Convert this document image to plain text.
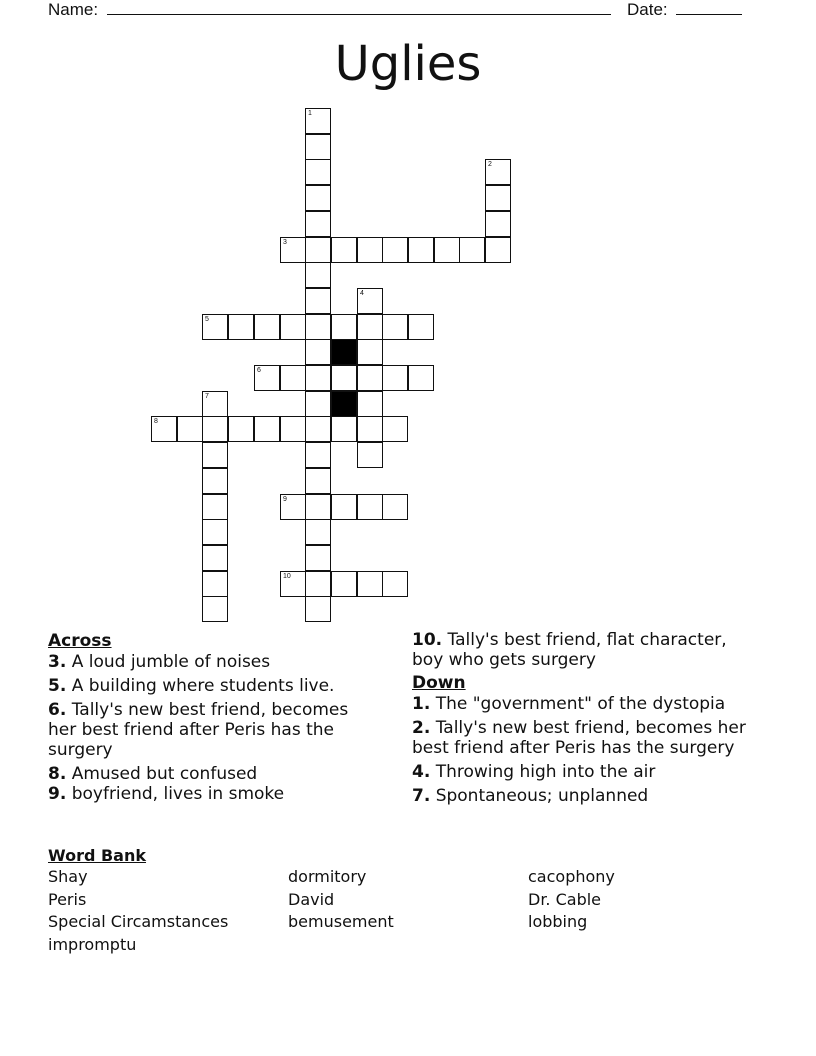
Name:	Date:
Uglies
1
2
3
4
5
6
7
8
9
10
Across
3. A loud jumble of noises
5. A building where students live.
6. Tally's new best friend, becomes her best friend after Peris has the surgery
8. Amused but confused
9. boyfriend, lives in smoke
10. Tally's best friend, flat character, boy who gets surgery
Down
1. The "government" of the dystopia
2. Tally's new best friend, becomes her best friend after Peris has the surgery
4. Throwing high into the air
7. Spontaneous; unplanned
Word Bank
Shay	dormitory	cacophony
Peris	David	Dr. Cable
Special Circamstances	bemusement	lobbing
impromptu
